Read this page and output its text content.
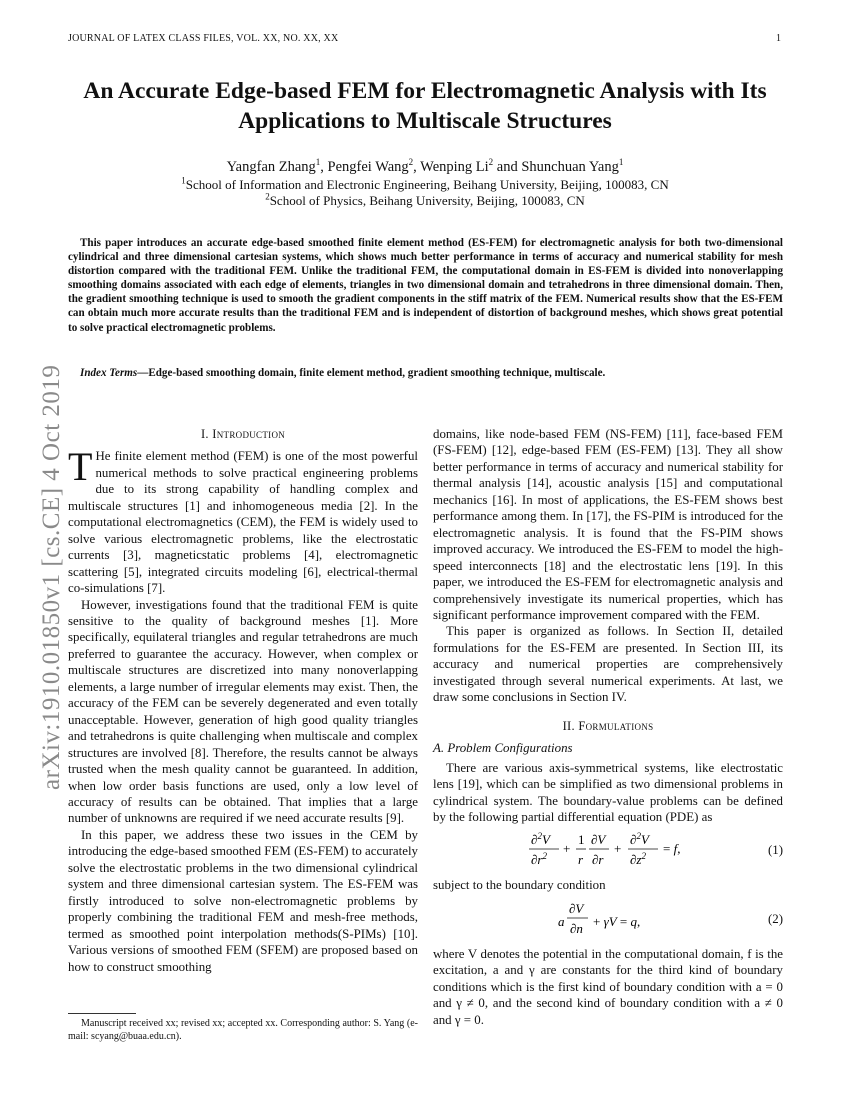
JOURNAL OF LATEX CLASS FILES, VOL. XX, NO. XX, XX	1
arXiv:1910.01850v1 [cs.CE] 4 Oct 2019
An Accurate Edge-based FEM for Electromagnetic Analysis with Its Applications to Multiscale Structures
Yangfan Zhang$^1$, Pengfei Wang$^2$, Wenping Li$^2$ and Shunchuan Yang$^1$
$^1$School of Information and Electronic Engineering, Beihang University, Beijing, 100083, CN
$^2$School of Physics, Beihang University, Beijing, 100083, CN
This paper introduces an accurate edge-based smoothed finite element method (ES-FEM) for electromagnetic analysis for both two-dimensional cylindrical and three dimensional cartesian systems, which shows much better performance in terms of accuracy and numerical stability for mesh distortion compared with the traditional FEM. Unlike the traditional FEM, the computational domain in ES-FEM is divided into nonoverlapping smoothing domains associated with each edge of elements, triangles in two dimensional domain and tetrahedrons in three dimensional domain. Then, the gradient smoothing technique is used to smooth the gradient components in the stiff matrix of the FEM. Numerical results show that the ES-FEM can obtain much more accurate results than the traditional FEM and is independent of distortion of background meshes, which shows great potential to solve practical electromagnetic problems.
Index Terms—Edge-based smoothing domain, finite element method, gradient smoothing technique, multiscale.
I. Introduction

T He finite element method (FEM) is one of the most powerful numerical methods to solve practical engineering problems due to its strong capability of handling complex and multiscale structures [1] and inhomogeneous media [2]. In the computational electromagnetics (CEM), the FEM is widely used to solve various electromagnetic problems, like the electrostatic currents [3], magneticstatic problems [4], electromagnetic scattering [5], integrated circuits modeling [6], electrical-thermal co-simulations [7].

However, investigations found that the traditional FEM is quite sensitive to the quality of background meshes [1]. More specifically, equilateral triangles and regular tetrahedrons are much preferred to guarantee the accuracy. However, when complex or multiscale structures are discretized into many nonoverlapping elements, a large number of irregular elements may exist. Then, the accuracy of the FEM can be severely degenerated and even totally unacceptable. However, generation of high good quality triangles and tetrahedrons is quite challenging when multiscale and complex structures are involved [8]. Therefore, the results cannot be always trusted when the mesh quality cannot be guaranteed. In addition, when low order basis functions are used, only a low level of accuracy of results can be obtained. That implies that a large number of unknowns are required if we need accurate results [9].

In this paper, we address these two issues in the CEM by introducing the edge-based smoothed FEM (ES-FEM) to accurately solve the electrostatic problems in the two dimensional cylindrical system and three dimensional cartesian system. The ES-FEM was firstly introduced to solve non-electromagnetic problems by properly combining the traditional FEM and mesh-free methods, termed as smoothed point interpolation methods(S-PIMs) [10]. Various versions of smoothed FEM (SFEM) are proposed based on how to construct smoothing

Manuscript received xx; revised xx; accepted xx. Corresponding author: S. Yang (e-mail: scyang@buaa.edu.cn).

domains, like node-based FEM (NS-FEM) [11], face-based FEM (FS-FEM) [12], edge-based FEM (ES-FEM) [13]. They all show better performance in terms of accuracy and numerical stability for thermal analysis [14], acoustic analysis [15] and computational mechanics [16]. In most of applications, the ES-FEM shows best performance among them. In [17], the FS-PIM is introduced for the electromagnetic analysis. It is found that the FS-PIM shows improved accuracy. We introduced the ES-FEM to model the high-speed interconnects [18] and the electrostatic lens [19]. In this paper, we introduced the ES-FEM for electromagnetic analysis and comprehensively investigate its numerical properties, which has significant performance improvement compared with the FEM.

This paper is organized as follows. In Section II, detailed formulations for the ES-FEM are presented. In Section III, its accuracy and numerical properties are comprehensively investigated through several numerical experiments. At last, we draw some conclusions in Section IV.

II. Formulations
A. Problem Configurations

There are various axis-symmetrical systems, like electrostatic lens [19], which can be simplified as two dimensional problems in cylindrical system. The boundary-value problems can be defined by the following partial differential equation (PDE) as

∂$^2$V
$\partial r^2$ +
1
r
∂V
∂r
+
∂$^2$V
$\partial z^2 = f$,	(1)

subject to the boundary condition

a
∂V
∂n + γV = q,	(2)

where V denotes the potential in the computational domain, f is the excitation, a and γ are constants for the third kind of boundary conditions which is the first kind of boundary condition with a = 0 and γ ≠ 0, and the second kind of boundary condition with a ≠ 0 and γ = 0.
